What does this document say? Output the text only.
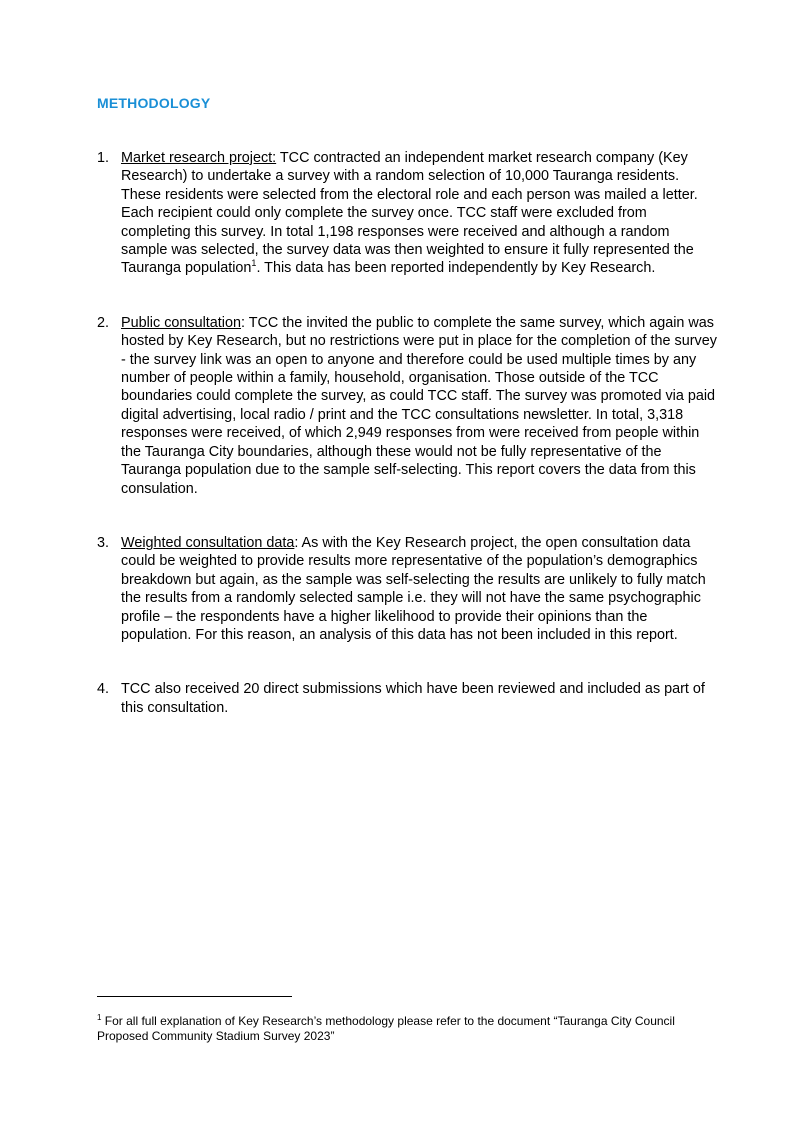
METHODOLOGY
1. Market research project: TCC contracted an independent market research company (Key Research) to undertake a survey with a random selection of 10,000 Tauranga residents. These residents were selected from the electoral role and each person was mailed a letter. Each recipient could only complete the survey once. TCC staff were excluded from completing this survey. In total 1,198 responses were received and although a random sample was selected, the survey data was then weighted to ensure it fully represented the Tauranga population$^1$. This data has been reported independently by Key Research.
2. Public consultation: TCC the invited the public to complete the same survey, which again was hosted by Key Research, but no restrictions were put in place for the completion of the survey - the survey link was an open to anyone and therefore could be used multiple times by any number of people within a family, household, organisation. Those outside of the TCC boundaries could complete the survey, as could TCC staff. The survey was promoted via paid digital advertising, local radio / print and the TCC consultations newsletter. In total, 3,318 responses were received, of which 2,949 responses from were received from people within the Tauranga City boundaries, although these would not be fully representative of the Tauranga population due to the sample self-selecting. This report covers the data from this consulation.
3. Weighted consultation data: As with the Key Research project, the open consultation data could be weighted to provide results more representative of the population’s demographics breakdown but again, as the sample was self-selecting the results are unlikely to fully match the results from a randomly selected sample i.e. they will not have the same psychographic profile – the respondents have a higher likelihood to provide their opinions than the population. For this reason, an analysis of this data has not been included in this report.
4. TCC also received 20 direct submissions which have been reviewed and included as part of this consultation.
$^1$ For all full explanation of Key Research’s methodology please refer to the document “Tauranga City Council Proposed Community Stadium Survey 2023”
